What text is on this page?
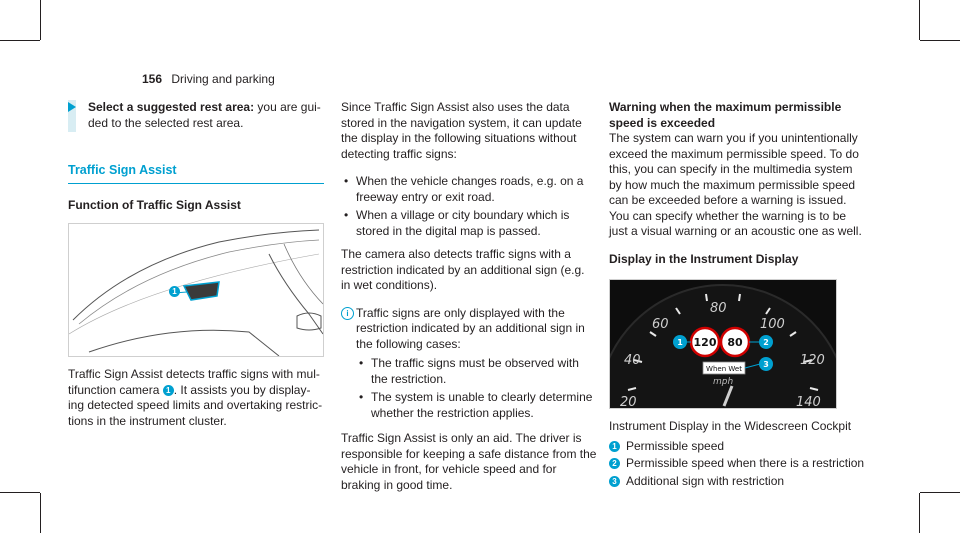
156 Driving and parking
Select a suggested rest area: you are gui-ded to the selected rest area.
Traffic Sign Assist
Function of Traffic Sign Assist
1

Traffic Sign Assist detects traffic signs with mul-tifunction camera 1 . It assists you by display-ing detected speed limits and overtaking restric-tions in the instrument cluster.

Since Traffic Sign Assist also uses the data stored in the navigation system, it can update the display in the following situations without detecting traffic signs:

• When the vehicle changes roads, e.g. on a freeway entry or exit road.
• When a village or city boundary which is stored in the digital map is passed.

The camera also detects traffic signs with a restriction indicated by an additional sign (e.g. in wet conditions).

i Traffic signs are only displayed with the restriction indicated by an additional sign in the following cases:
• The traffic signs must be observed with the restriction.
• The system is unable to clearly determine whether the restriction applies.

Traffic Sign Assist is only an aid. The driver is responsible for keeping a safe distance from the vehicle in front, for vehicle speed and for braking in good time.

Warning when the maximum permissible speed is exceeded

The system can warn you if you unintentionally exceed the maximum permissible speed. To do this, you can specify in the multimedia system by how much the maximum permissible speed can be exceeded before a warning is issued. You can specify whether the warning is to be just a visual warning or an acoustic one as well.

Display in the Instrument Display
20
40
60
80
100
120
140
120 80
When Wet
mph
1	2
3
Instrument Display in the Widescreen Cockpit
1 Permissible speed
2 Permissible speed when there is a restriction
3 Additional sign with restriction
